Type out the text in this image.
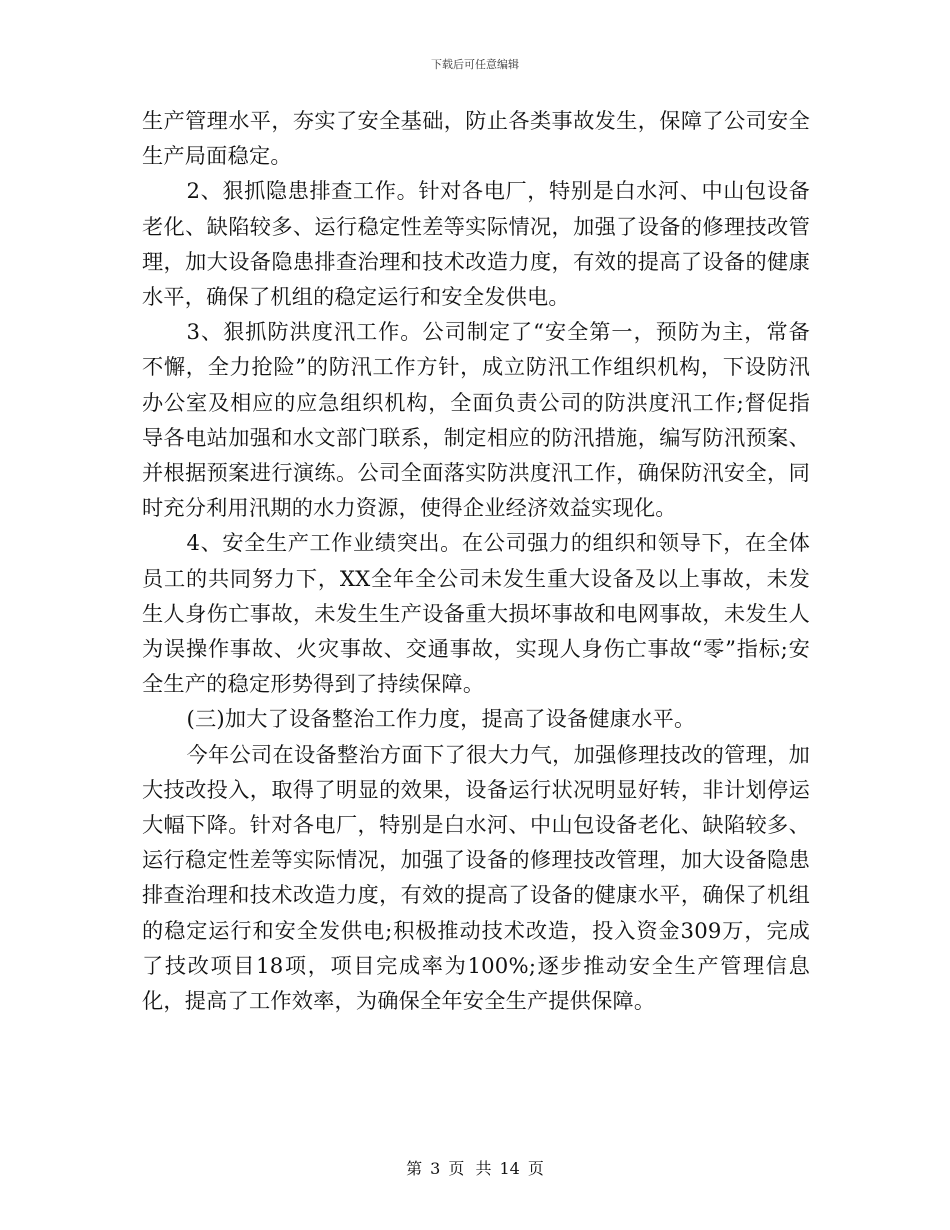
下载后可任意编辑

生产管理水平，夯实了安全基础，防止各类事故发生，保障了公司安全生产局面稳定。

2、狠抓隐患排查工作。针对各电厂，特别是白水河、中山包设备老化、缺陷较多、运行稳定性差等实际情况，加强了设备的修理技改管理，加大设备隐患排查治理和技术改造力度，有效的提高了设备的健康水平，确保了机组的稳定运行和安全发供电。

3、狠抓防洪度汛工作。公司制定了“安全第一，预防为主，常备不懈，全力抢险”的防汛工作方针，成立防汛工作组织机构，下设防汛办公室及相应的应急组织机构，全面负责公司的防洪度汛工作;督促指导各电站加强和水文部门联系，制定相应的防汛措施，编写防汛预案、并根据预案进行演练。公司全面落实防洪度汛工作，确保防汛安全，同时充分利用汛期的水力资源，使得企业经济效益实现化。

4、安全生产工作业绩突出。在公司强力的组织和领导下，在全体员工的共同努力下，XX全年全公司未发生重大设备及以上事故，未发生人身伤亡事故，未发生生产设备重大损坏事故和电网事故，未发生人为误操作事故、火灾事故、交通事故，实现人身伤亡事故“零”指标;安全生产的稳定形势得到了持续保障。

(三)加大了设备整治工作力度，提高了设备健康水平。

今年公司在设备整治方面下了很大力气，加强修理技改的管理，加大技改投入，取得了明显的效果，设备运行状况明显好转，非计划停运大幅下降。针对各电厂，特别是白水河、中山包设备老化、缺陷较多、运行稳定性差等实际情况，加强了设备的修理技改管理，加大设备隐患排查治理和技术改造力度，有效的提高了设备的健康水平，确保了机组的稳定运行和安全发供电;积极推动技术改造，投入资金309万，完成了技改项目18项，项目完成率为100%;逐步推动安全生产管理信息化，提高了工作效率，为确保全年安全生产提供保障。

第 3 页 共 14 页
